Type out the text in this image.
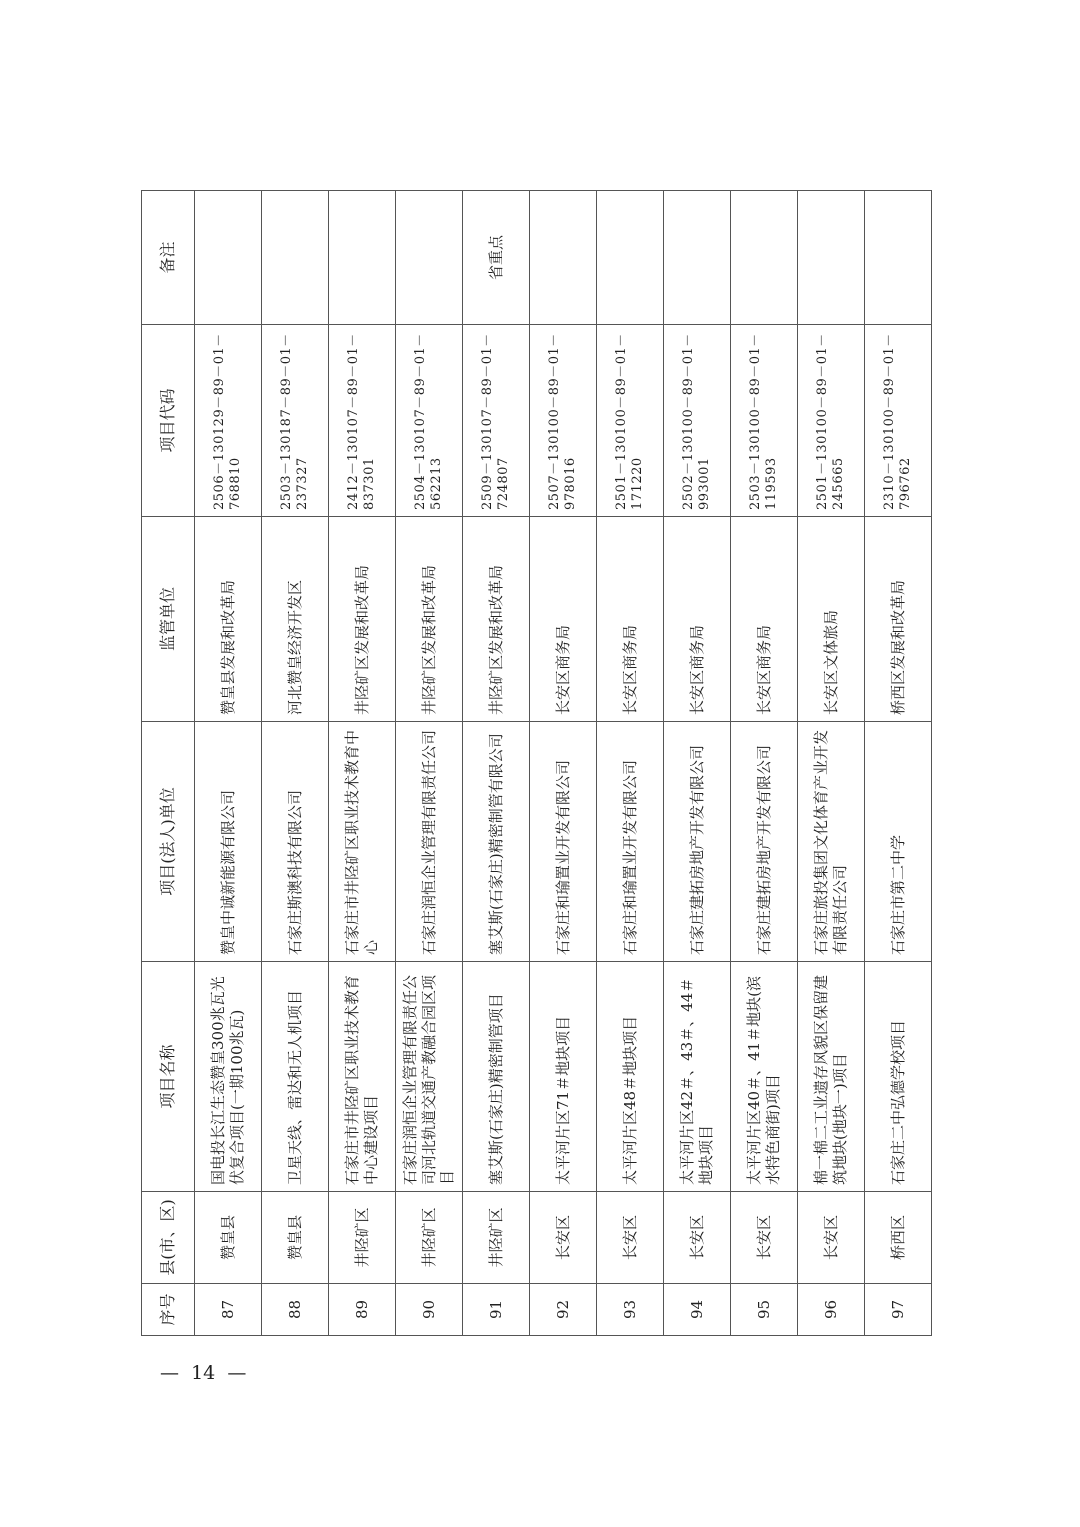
序号	县(市、区)	项目名称	项目(法人)单位	监管单位	项目代码	备注
87	赞皇县	国电投长江生态赞皇300兆瓦光伏复合项目(一期100兆瓦)	赞皇中诚新能源有限公司	赞皇县发展和改革局	2506－130129－89－01－768810	
88	赞皇县	卫星天线、雷达和无人机项目	石家庄斯澳科技有限公司	河北赞皇经济开发区	2503－130187－89－01－237327	
89	井陉矿区	石家庄市井陉矿区职业技术教育中心建设项目	石家庄市井陉矿区职业技术教育中心	井陉矿区发展和改革局	2412－130107－89－01－837301	
90	井陉矿区	石家庄润恒企业管理有限责任公司河北轨道交通产教融合园区项目	石家庄润恒企业管理有限责任公司	井陉矿区发展和改革局	2504－130107－89－01－562213	
91	井陉矿区	塞艾斯(石家庄)精密制管项目	塞艾斯(石家庄)精密制管有限公司	井陉矿区发展和改革局	2509－130107－89－01－724807	省重点
92	长安区	太平河片区71＃地块项目	石家庄和瑜置业开发有限公司	长安区商务局	2507－130100－89－01－978016	
93	长安区	太平河片区48＃地块项目	石家庄和瑜置业开发有限公司	长安区商务局	2501－130100－89－01－171220	
94	长安区	太平河片区42＃、43＃、44＃地块项目	石家庄建拓房地产开发有限公司	长安区商务局	2502－130100－89－01－993001	
95	长安区	太平河片区40＃、41＃地块(滨水特色商街)项目	石家庄建拓房地产开发有限公司	长安区商务局	2503－130100－89－01－119593	
96	长安区	棉一棉二工业遗存风貌区保留建筑地块(地块一)项目	石家庄旅投集团文化体育产业开发有限责任公司	长安区文体旅局	2501－130100－89－01－245665	
97	桥西区	石家庄二中弘德学校项目	石家庄市第二中学	桥西区发展和改革局	2310－130100－89－01－796762	
—  14  —
